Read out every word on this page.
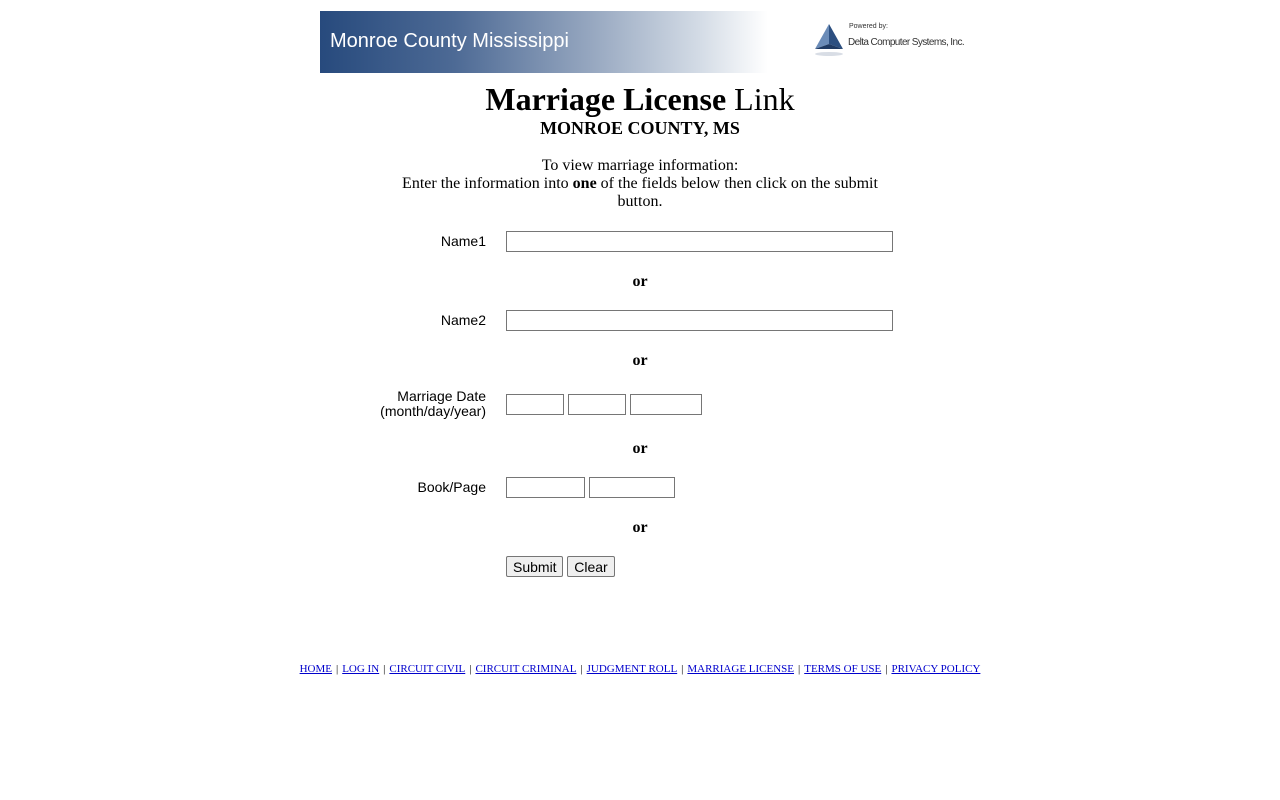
Monroe County Mississippi
Powered by:
Delta Computer Systems, Inc.
Marriage License Link
MONROE COUNTY, MS
To view marriage information:
Enter the information into one of the fields below then click on the submit button.
Name1
or
Name2
or
Marriage Date
(month/day/year)
or
Book/Page
or
Submit	Clear
HOME | LOG IN | CIRCUIT CIVIL | CIRCUIT CRIMINAL | JUDGMENT ROLL | MARRIAGE LICENSE | TERMS OF USE | PRIVACY POLICY
